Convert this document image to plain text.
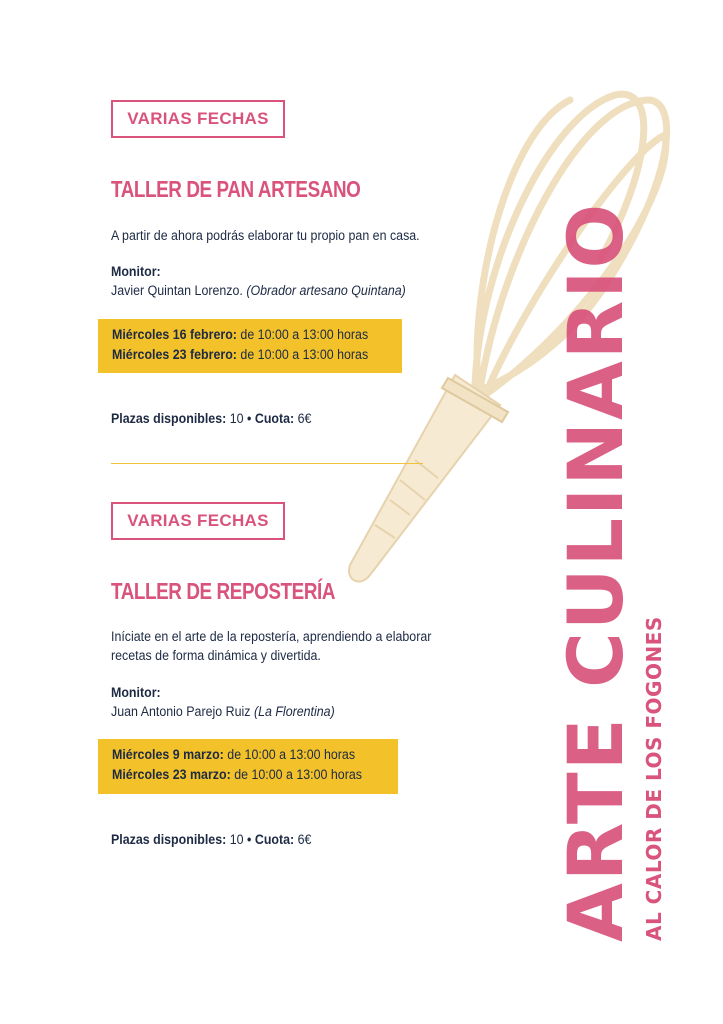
VARIAS FECHAS
TALLER DE PAN ARTESANO
A partir de ahora podrás elaborar tu propio pan en casa.
Monitor:
Javier Quintan Lorenzo. (Obrador artesano Quintana)
Miércoles 16 febrero: de 10:00 a 13:00 horas
Miércoles 23 febrero: de 10:00 a 13:00 horas
Plazas disponibles: 10 • Cuota: 6€
VARIAS FECHAS
TALLER DE REPOSTERÍA
Iníciate en el arte de la repostería, aprendiendo a elaborar recetas de forma dinámica y divertida.
Monitor:
Juan Antonio Parejo Ruiz (La Florentina)
Miércoles 9 marzo: de 10:00 a 13:00 horas
Miércoles 23 marzo: de 10:00 a 13:00 horas
Plazas disponibles: 10 • Cuota: 6€	ARTE CULINARIO AL CALOR DE LOS FOGONES
